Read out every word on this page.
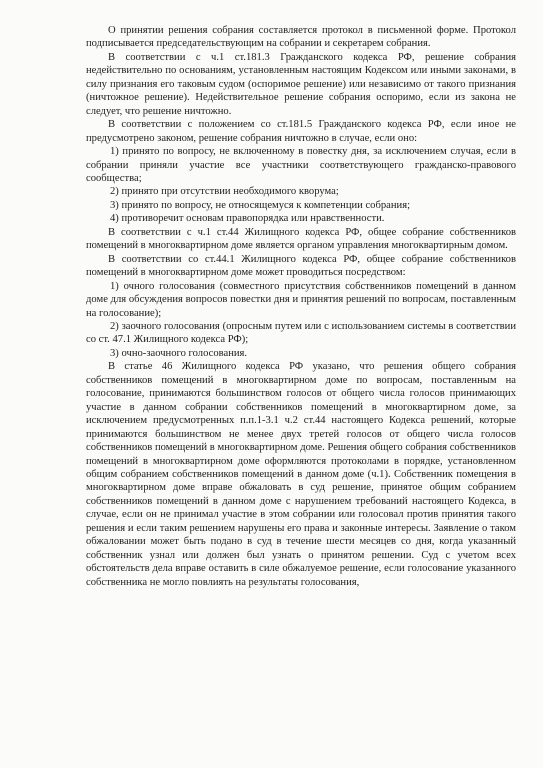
О принятии решения собрания составляется протокол в письменной форме. Протокол подписывается председательствующим на собрании и секретарем собрания.

В соответствии с ч.1 ст.181.3 Гражданского кодекса РФ, решение собрания недействительно по основаниям, установленным настоящим Кодексом или иными законами, в силу признания его таковым судом (оспоримое решение) или независимо от такого признания (ничтожное решение). Недействительное решение собрания оспоримо, если из закона не следует, что решение ничтожно.

В соответствии с положением со ст.181.5 Гражданского кодекса РФ, если иное не предусмотрено законом, решение собрания ничтожно в случае, если оно:

1) принято по вопросу, не включенному в повестку дня, за исключением случая, если в собрании приняли участие все участники соответствующего гражданско-правового сообщества;

2) принято при отсутствии необходимого кворума;

3) принято по вопросу, не относящемуся к компетенции собрания;

4) противоречит основам правопорядка или нравственности.

В соответствии с ч.1 ст.44 Жилищного кодекса РФ, общее собрание собственников помещений в многоквартирном доме является органом управления многоквартирным домом.

В соответствии со ст.44.1 Жилищного кодекса РФ, общее собрание собственников помещений в многоквартирном доме может проводиться посредством:

1) очного голосования (совместного присутствия собственников помещений в данном доме для обсуждения вопросов повестки дня и принятия решений по вопросам, поставленным на голосование);

2) заочного голосования (опросным путем или с использованием системы в соответствии со ст. 47.1 Жилищного кодекса РФ);

3) очно-заочного голосования.

В статье 46 Жилищного кодекса РФ указано, что решения общего собрания собственников помещений в многоквартирном доме по вопросам, поставленным на голосование, принимаются большинством голосов от общего числа голосов принимающих участие в данном собрании собственников помещений в многоквартирном доме, за исключением предусмотренных п.п.1-3.1 ч.2 ст.44 настоящего Кодекса решений, которые принимаются большинством не менее двух третей голосов от общего числа голосов собственников помещений в многоквартирном доме. Решения общего собрания собственников помещений в многоквартирном доме оформляются протоколами в порядке, установленном общим собранием собственников помещений в данном доме (ч.1). Собственник помещения в многоквартирном доме вправе обжаловать в суд решение, принятое общим собранием собственников помещений в данном доме с нарушением требований настоящего Кодекса, в случае, если он не принимал участие в этом собрании или голосовал против принятия такого решения и если таким решением нарушены его права и законные интересы. Заявление о таком обжаловании может быть подано в суд в течение шести месяцев со дня, когда указанный собственник узнал или должен был узнать о принятом решении. Суд с учетом всех обстоятельств дела вправе оставить в силе обжалуемое решение, если голосование указанного собственника не могло повлиять на результаты голосования,
